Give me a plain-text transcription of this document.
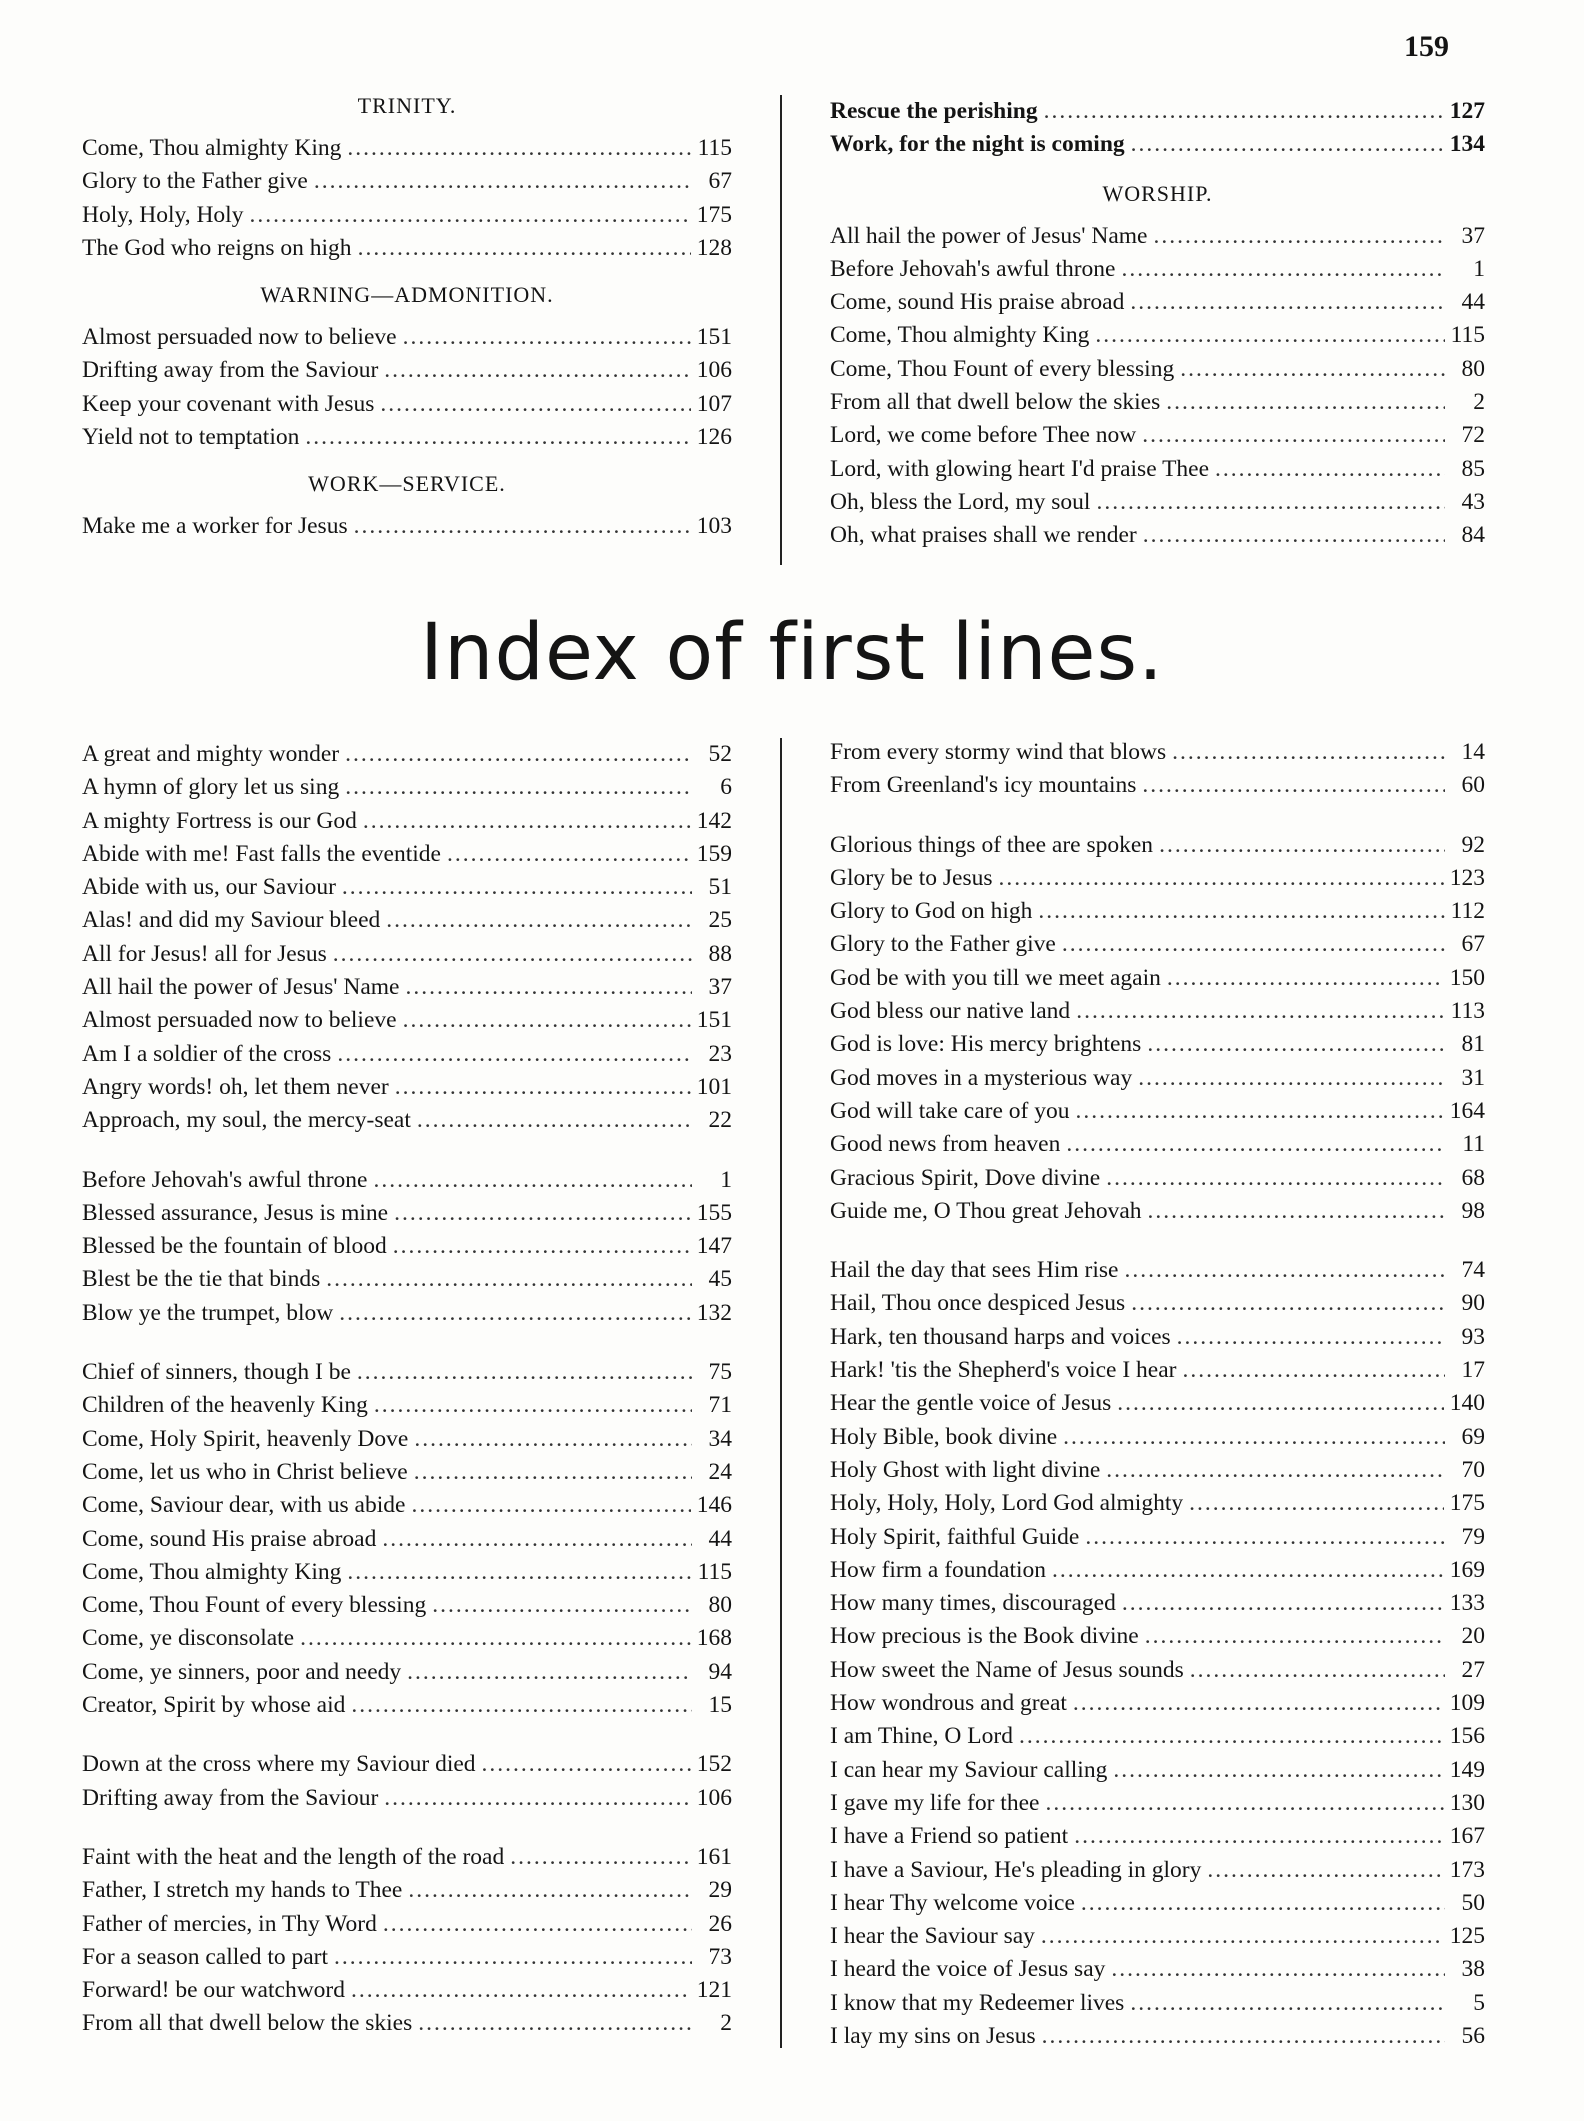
159
TRINITY.
Come, Thou almighty King .....	115
Glory to the Father give .....	67
Holy, Holy, Holy .....	175
The God who reigns on high .....	128
WARNING—ADMONITION.
Almost persuaded now to believe .....	151
Drifting away from the Saviour .....	106
Keep your covenant with Jesus .....	107
Yield not to temptation .....	126
WORK—SERVICE.
Make me a worker for Jesus .....	103
Rescue the perishing .....	127
Work, for the night is coming .....	134
WORSHIP.
All hail the power of Jesus' Name .....	37
Before Jehovah's awful throne .....	1
Come, sound His praise abroad .....	44
Come, Thou almighty King .....	115
Come, Thou Fount of every blessing .....	80
From all that dwell below the skies .....	2
Lord, we come before Thee now .....	72
Lord, with glowing heart I'd praise Thee .....	85
Oh, bless the Lord, my soul .....	43
Oh, what praises shall we render .....	84
Index of first lines.
A great and mighty wonder .....	52
A hymn of glory let us sing .....	6
A mighty Fortress is our God .....	142
Abide with me! Fast falls the eventide .....	159
Abide with us, our Saviour .....	51
Alas! and did my Saviour bleed .....	25
All for Jesus! all for Jesus .....	88
All hail the power of Jesus' Name .....	37
Almost persuaded now to believe .....	151
Am I a soldier of the cross .....	23
Angry words! oh, let them never .....	101
Approach, my soul, the mercy-seat .....	22
Before Jehovah's awful throne .....	1
Blessed assurance, Jesus is mine .....	155
Blessed be the fountain of blood .....	147
Blest be the tie that binds .....	45
Blow ye the trumpet, blow .....	132
Chief of sinners, though I be .....	75
Children of the heavenly King .....	71
Come, Holy Spirit, heavenly Dove .....	34
Come, let us who in Christ believe .....	24
Come, Saviour dear, with us abide .....	146
Come, sound His praise abroad .....	44
Come, Thou almighty King .....	115
Come, Thou Fount of every blessing .....	80
Come, ye disconsolate .....	168
Come, ye sinners, poor and needy .....	94
Creator, Spirit by whose aid .....	15
Down at the cross where my Saviour died .....	152
Drifting away from the Saviour .....	106
Faint with the heat and the length of the road .....	161
Father, I stretch my hands to Thee .....	29
Father of mercies, in Thy Word .....	26
For a season called to part .....	73
Forward! be our watchword .....	121
From all that dwell below the skies .....	2
From every stormy wind that blows .....	14
From Greenland's icy mountains .....	60
Glorious things of thee are spoken .....	92
Glory be to Jesus .....	123
Glory to God on high .....	112
Glory to the Father give .....	67
God be with you till we meet again .....	150
God bless our native land .....	113
God is love: His mercy brightens .....	81
God moves in a mysterious way .....	31
God will take care of you .....	164
Good news from heaven .....	11
Gracious Spirit, Dove divine .....	68
Guide me, O Thou great Jehovah .....	98
Hail the day that sees Him rise .....	74
Hail, Thou once despiced Jesus .....	90
Hark, ten thousand harps and voices .....	93
Hark! 'tis the Shepherd's voice I hear .....	17
Hear the gentle voice of Jesus .....	140
Holy Bible, book divine .....	69
Holy Ghost with light divine .....	70
Holy, Holy, Holy, Lord God almighty .....	175
Holy Spirit, faithful Guide .....	79
How firm a foundation .....	169
How many times, discouraged .....	133
How precious is the Book divine .....	20
How sweet the Name of Jesus sounds .....	27
How wondrous and great .....	109
I am Thine, O Lord .....	156
I can hear my Saviour calling .....	149
I gave my life for thee .....	130
I have a Friend so patient .....	167
I have a Saviour, He's pleading in glory .....	173
I hear Thy welcome voice .....	50
I hear the Saviour say .....	125
I heard the voice of Jesus say .....	38
I know that my Redeemer lives .....	5
I lay my sins on Jesus .....	56
